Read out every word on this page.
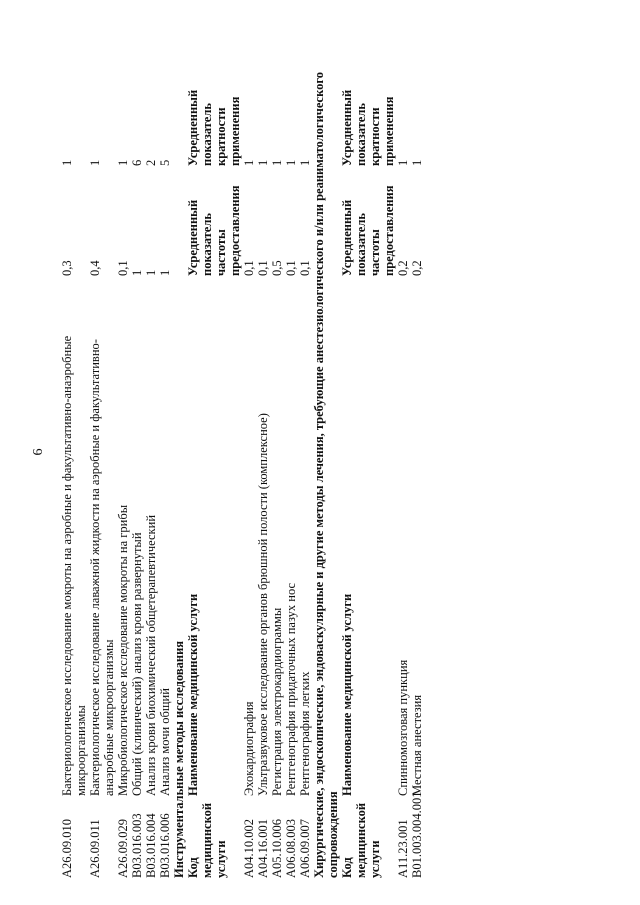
6
A26.09.010	Бактериологическое исследование мокроты на аэробные и факультативно-анаэробные микроорганизмы	0,3	1
A26.09.011	Бактериологическое исследование лаважной жидкости на аэробные и факультативно-анаэробные микроорганизмы	0,4	1
A26.09.029	Микробиологическое исследование мокроты на грибы	0,1	1
B03.016.003	Общий (клинический) анализ крови развернутый	1	6
B03.016.004	Анализ крови биохимический общетерапевтический	1	2
B03.016.006	Анализ мочи общий	1	5
Инструментальные методы исследования			
Код медицинской услуги	Наименование медицинской услуги	Усредненный показатель частоты предоставления	Усредненный показатель кратности применения
A04.10.002	Эхокардиография	0,1	1
A04.16.001	Ультразвуковое исследование органов брюшной полости (комплексное)	0,1	1
A05.10.006	Регистрация электрокардиограммы	0,5	1
A06.08.003	Рентгенография придаточных пазух нос	0,1	1
A06.09.007	Рентгенография легких	0,1	1
Хирургические, эндоскопические, эндоваскулярные и другие методы лечения, требующие анестезиологического и/или реаниматологического сопровождения			
Код медицинской услуги	Наименование медицинской услуги	Усредненный показатель частоты предоставления	Усредненный показатель кратности применения
A11.23.001	Спинномозговая пункция	0,2	1
B01.003.004.001	Местная анестезия	0,2	1
